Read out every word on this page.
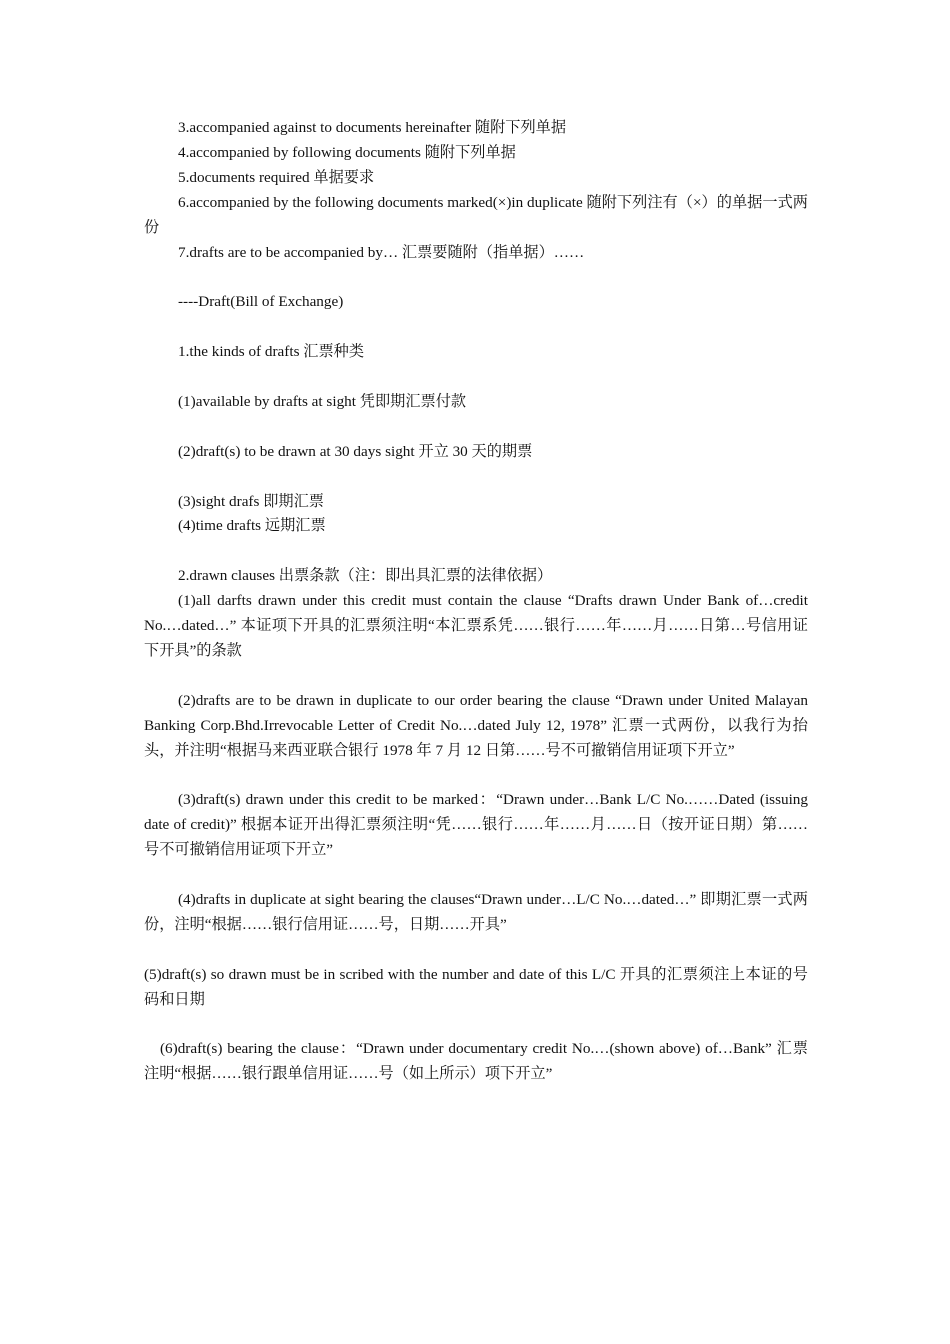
3.accompanied against to documents hereinafter 随附下列单据

4.accompanied by following documents 随附下列单据

5.documents required 单据要求

6.accompanied by the following documents marked(×)in duplicate 随附下列注有（×）的单据一式两份

7.drafts are to be accompanied by… 汇票要随附（指单据）……

----Draft(Bill of Exchange)

1.the kinds of drafts 汇票种类

(1)available by drafts at sight 凭即期汇票付款

(2)draft(s) to be drawn at 30 days sight 开立 30 天的期票

(3)sight drafs 即期汇票

(4)time drafts 远期汇票

2.drawn clauses 出票条款（注：即出具汇票的法律依据）

(1)all darfts drawn under this credit must contain the clause “Drafts drawn Under Bank of…credit No.…dated…” 本证项下开具的汇票须注明“本汇票系凭……银行……年……月……日第…号信用证下开具”的条款

(2)drafts are to be drawn in duplicate to our order bearing the clause “Drawn under United Malayan Banking Corp.Bhd.Irrevocable Letter of Credit No.…dated July 12, 1978” 汇票一式两份，以我行为抬头，并注明“根据马来西亚联合银行 1978 年 7 月 12 日第……号不可撤销信用证项下开立”

(3)draft(s) drawn under this credit to be marked：“Drawn under…Bank L/C No.……Dated (issuing date of credit)” 根据本证开出得汇票须注明“凭……银行……年……月……日（按开证日期）第……号不可撤销信用证项下开立”

(4)drafts in duplicate at sight bearing the clauses“Drawn under…L/C No.…dated…” 即期汇票一式两份，注明“根据……银行信用证……号，日期……开具”

(5)draft(s) so drawn must be in scribed with the number and date of this L/C 开具的汇票须注上本证的号码和日期

(6)draft(s) bearing the clause：“Drawn under documentary credit No.…(shown above) of…Bank” 汇票注明“根据……银行跟单信用证……号（如上所示）项下开立”
